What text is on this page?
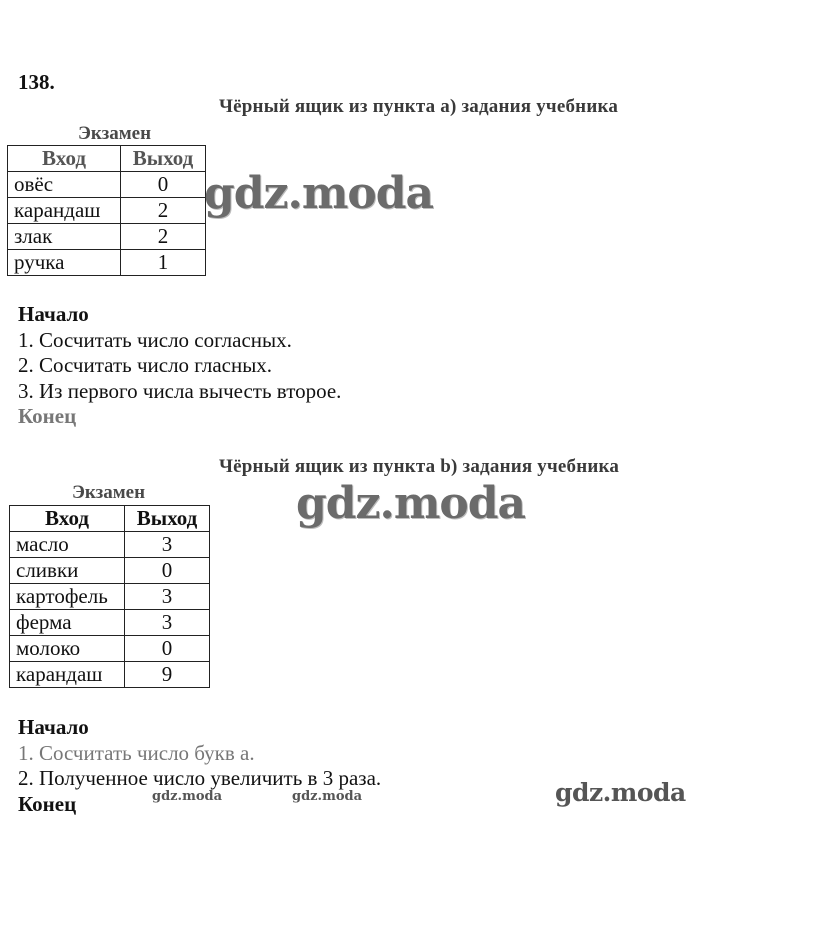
138.
Чёрный ящик из пункта а) задания учебника
Экзамен
Вход	Выход
овёс	0
карандаш	2
злак	2
ручка	1
Начало
1. Сосчитать число согласных.
2. Сосчитать число гласных.
3. Из первого числа вычесть второе.
Конец
Чёрный ящик из пункта b) задания учебника
Экзамен
Вход	Выход
масло	3
сливки	0
картофель	3
ферма	3
молоко	0
карандаш	9
Начало
1. Сосчитать число букв а.
2. Полученное число увеличить в 3 раза.
Конец
gdz.moda
gdz.moda
gdz.moda	gdz.moda	gdz.moda
